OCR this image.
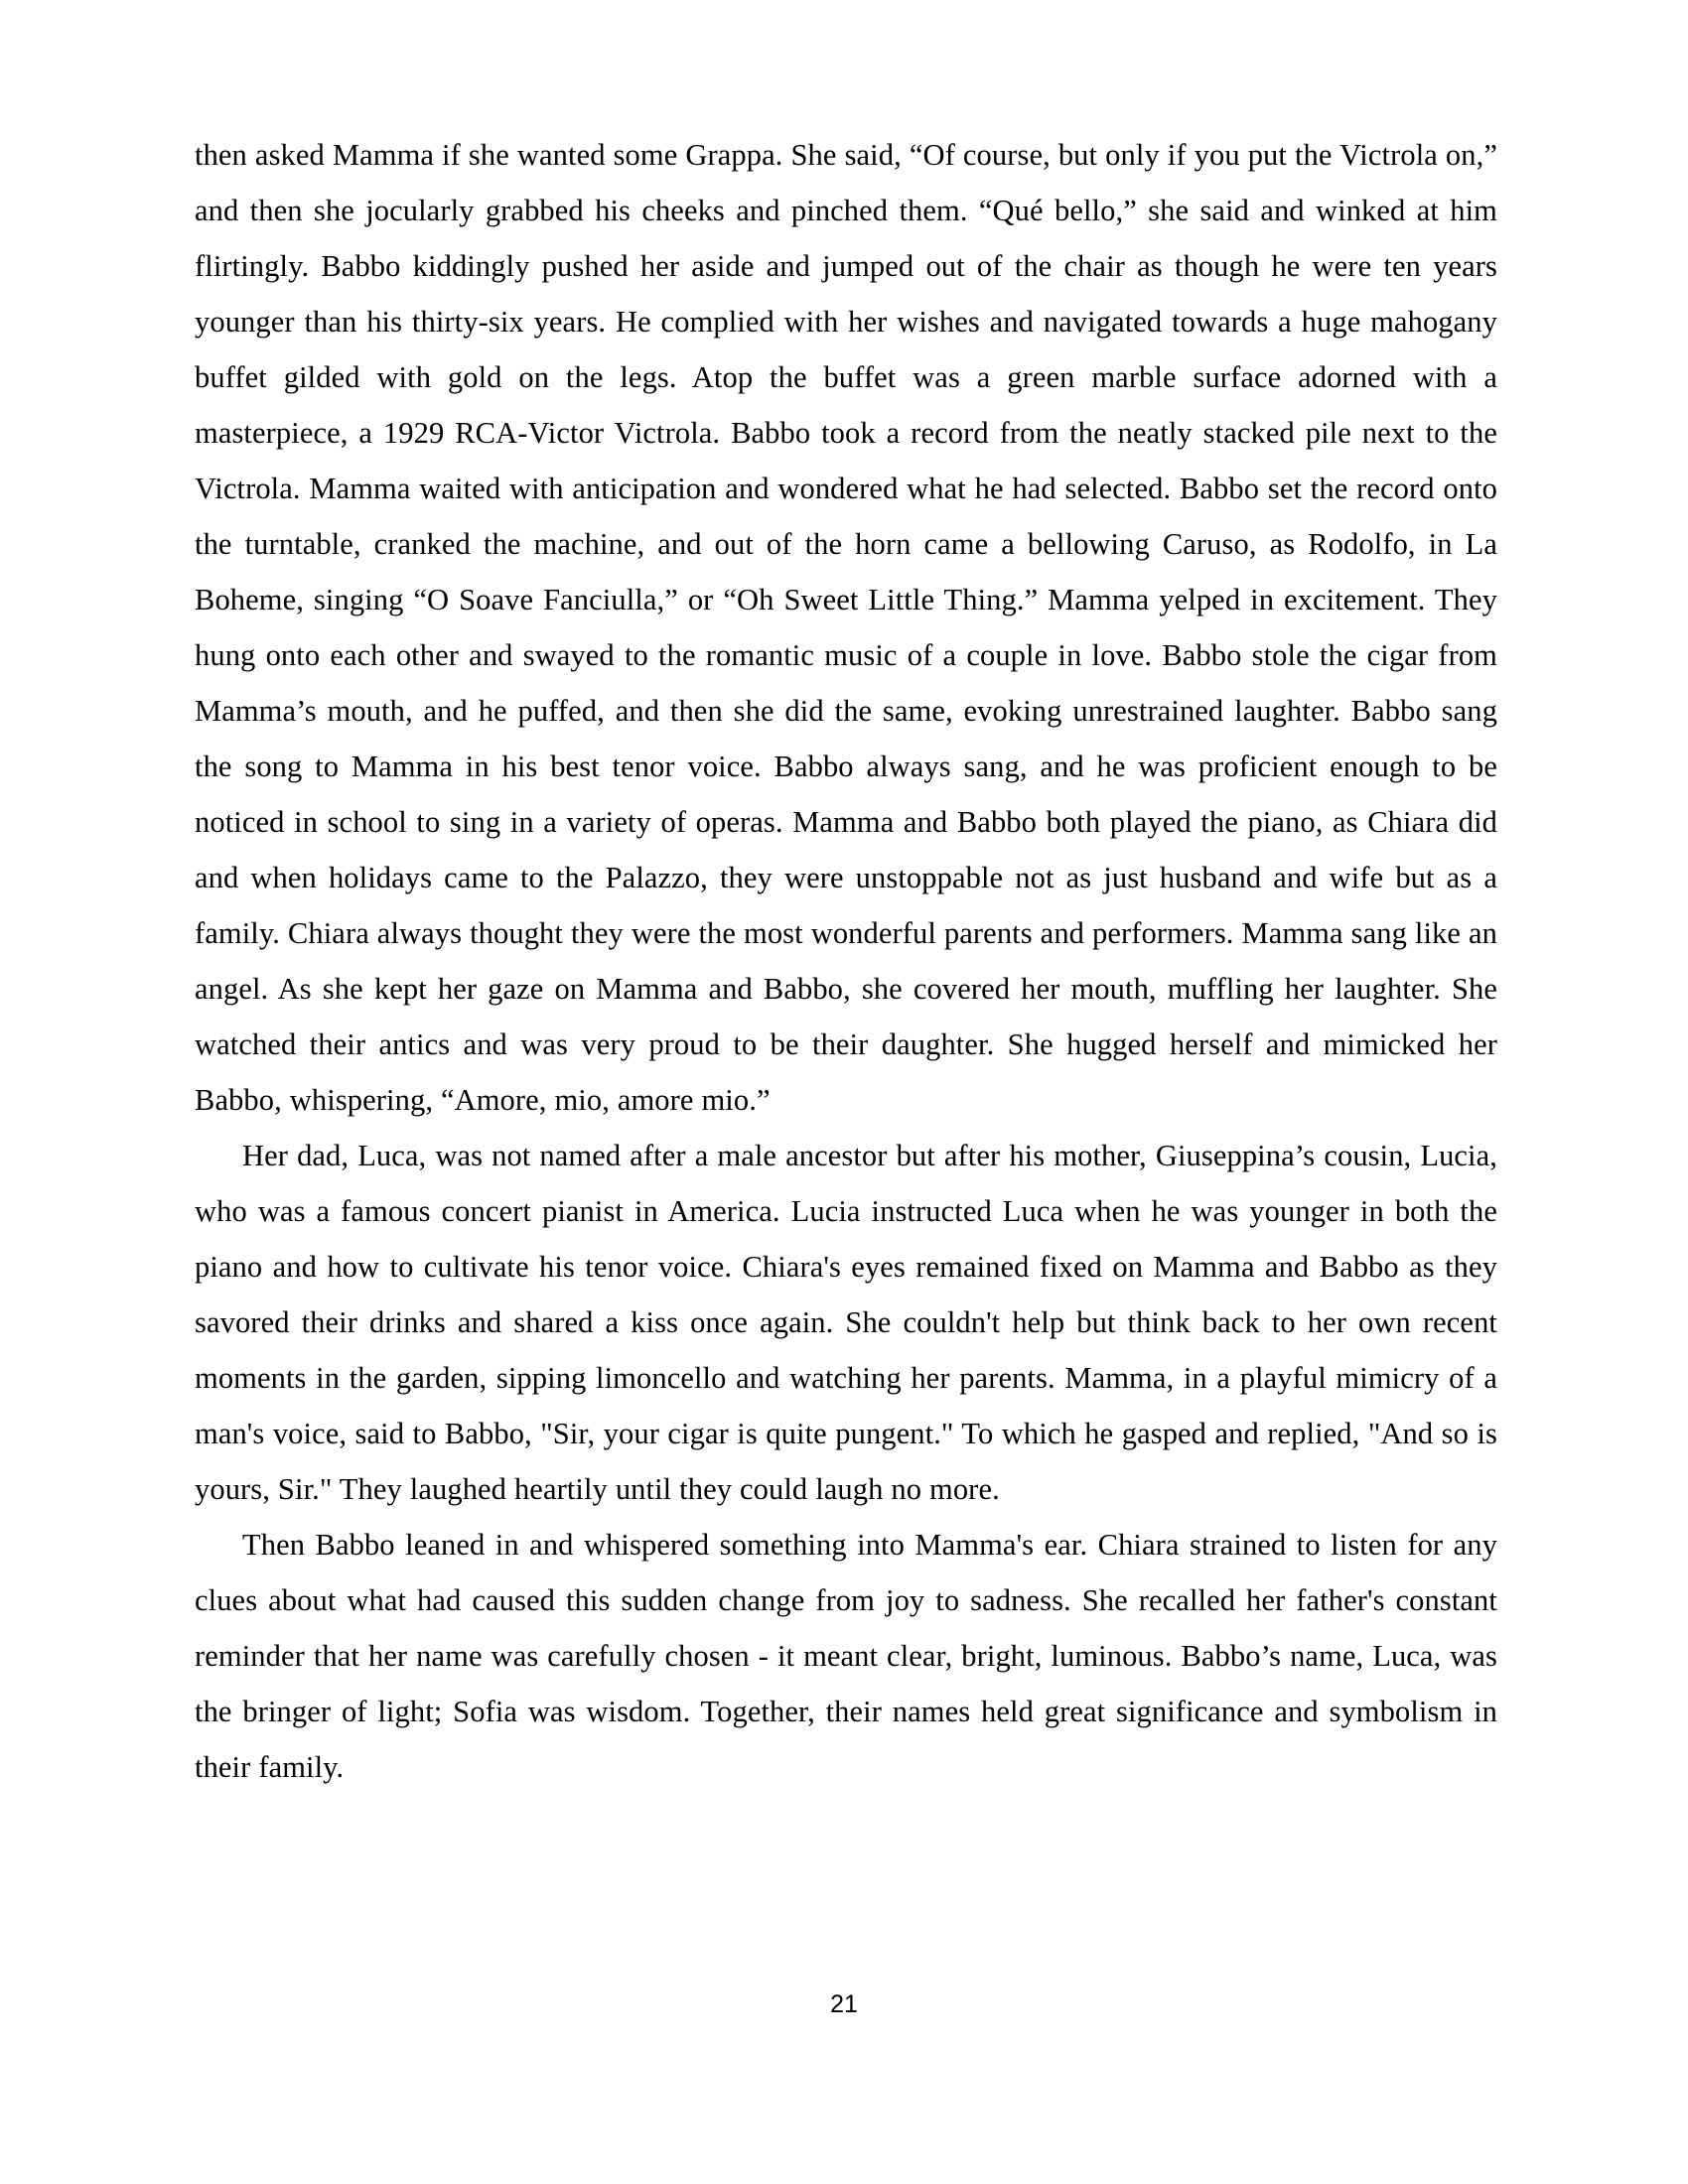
then asked Mamma if she wanted some Grappa. She said, “Of course, but only if you put the Victrola on,” and then she jocularly grabbed his cheeks and pinched them. “Qué bello,” she said and winked at him flirtingly. Babbo kiddingly pushed her aside and jumped out of the chair as though he were ten years younger than his thirty-six years. He complied with her wishes and navigated towards a huge mahogany buffet gilded with gold on the legs. Atop the buffet was a green marble surface adorned with a masterpiece, a 1929 RCA-Victor Victrola. Babbo took a record from the neatly stacked pile next to the Victrola. Mamma waited with anticipation and wondered what he had selected. Babbo set the record onto the turntable, cranked the machine, and out of the horn came a bellowing Caruso, as Rodolfo, in La Boheme, singing “O Soave Fanciulla,” or “Oh Sweet Little Thing.” Mamma yelped in excitement. They hung onto each other and swayed to the romantic music of a couple in love. Babbo stole the cigar from Mamma’s mouth, and he puffed, and then she did the same, evoking unrestrained laughter. Babbo sang the song to Mamma in his best tenor voice. Babbo always sang, and he was proficient enough to be noticed in school to sing in a variety of operas. Mamma and Babbo both played the piano, as Chiara did and when holidays came to the Palazzo, they were unstoppable not as just husband and wife but as a family. Chiara always thought they were the most wonderful parents and performers. Mamma sang like an angel. As she kept her gaze on Mamma and Babbo, she covered her mouth, muffling her laughter. She watched their antics and was very proud to be their daughter. She hugged herself and mimicked her Babbo, whispering, “Amore, mio, amore mio.”

Her dad, Luca, was not named after a male ancestor but after his mother, Giuseppina’s cousin, Lucia, who was a famous concert pianist in America. Lucia instructed Luca when he was younger in both the piano and how to cultivate his tenor voice. Chiara's eyes remained fixed on Mamma and Babbo as they savored their drinks and shared a kiss once again. She couldn't help but think back to her own recent moments in the garden, sipping limoncello and watching her parents. Mamma, in a playful mimicry of a man's voice, said to Babbo, "Sir, your cigar is quite pungent." To which he gasped and replied, "And so is yours, Sir." They laughed heartily until they could laugh no more.

Then Babbo leaned in and whispered something into Mamma's ear. Chiara strained to listen for any clues about what had caused this sudden change from joy to sadness. She recalled her father's constant reminder that her name was carefully chosen - it meant clear, bright, luminous. Babbo’s name, Luca, was the bringer of light; Sofia was wisdom. Together, their names held great significance and symbolism in their family.

21
